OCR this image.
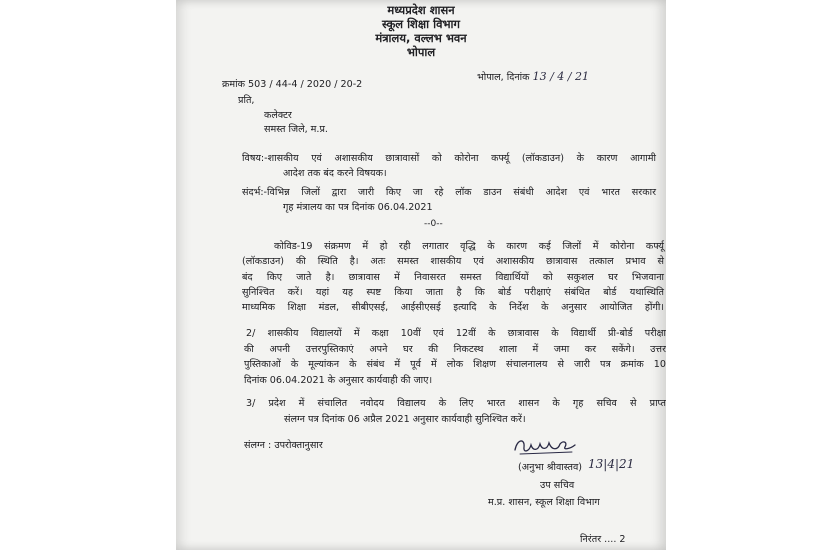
मध्यप्रदेश शासन
स्कूल शिक्षा विभाग
मंत्रालय, वल्लभ भवन
भोपाल
क्रमांक 503 / 44-4 / 2020 / 20-2
भोपाल, दिनांक 13 / 4 / 21
प्रति,
कलेक्टर
समस्त जिले, म.प्र.
विषय:-शासकीय एवं अशासकीय छात्रावासों को कोरोना कर्फ्यू (लॉकडाउन) के कारण आगामी
आदेश तक बंद करने विषयक।
संदर्भ:-विभिन्न जिलों द्वारा जारी किए जा रहे लॉक डाउन संबंधी आदेश एवं भारत सरकार
गृह मंत्रालय का पत्र दिनांक 06.04.2021
--0--
कोविड-19 संक्रमण में हो रही लगातार वृद्धि के कारण कई जिलों में कोरोना कर्फ्यू
(लॉकडाउन) की स्थिति है। अतः समस्त शासकीय एवं अशासकीय छात्रावास तत्काल प्रभाव से
बंद किए जाते है। छात्रावास में निवासरत समस्त विद्यार्थियों को सकुशल घर भिजवाना
सुनिश्चित करें। यहां यह स्पष्ट किया जाता है कि बोर्ड परीक्षाएं संबंधित बोर्ड यथास्थिति
माध्यमिक शिक्षा मंडल, सीबीएसई, आईसीएसई इत्यादि के निर्देश के अनुसार आयोजित होंगी।
2/ शासकीय विद्यालयों में कक्षा 10वीं एवं 12वीं के छात्रावास के विद्यार्थी प्री-बोर्ड परीक्षा
की अपनी उत्तरपुस्तिकाएं अपने घर की निकटस्थ शाला में जमा कर सकेंगे। उत्तर
पुस्तिकाओं के मूल्यांकन के संबंध में पूर्व में लोक शिक्षण संचालनालय से जारी पत्र क्रमांक 10
दिनांक 06.04.2021 के अनुसार कार्यवाही की जाए।
3/ प्रदेश में संचालित नवोदय विद्यालय के लिए भारत शासन के गृह सचिव से प्राप्त
संलग्न पत्र दिनांक 06 अप्रैल 2021 अनुसार कार्यवाही सुनिश्चित करें।
संलग्न : उपरोक्तानुसार
13|4|21
(अनुभा श्रीवास्तव)
उप सचिव
म.प्र. शासन, स्कूल शिक्षा विभाग
निरंतर .... 2
